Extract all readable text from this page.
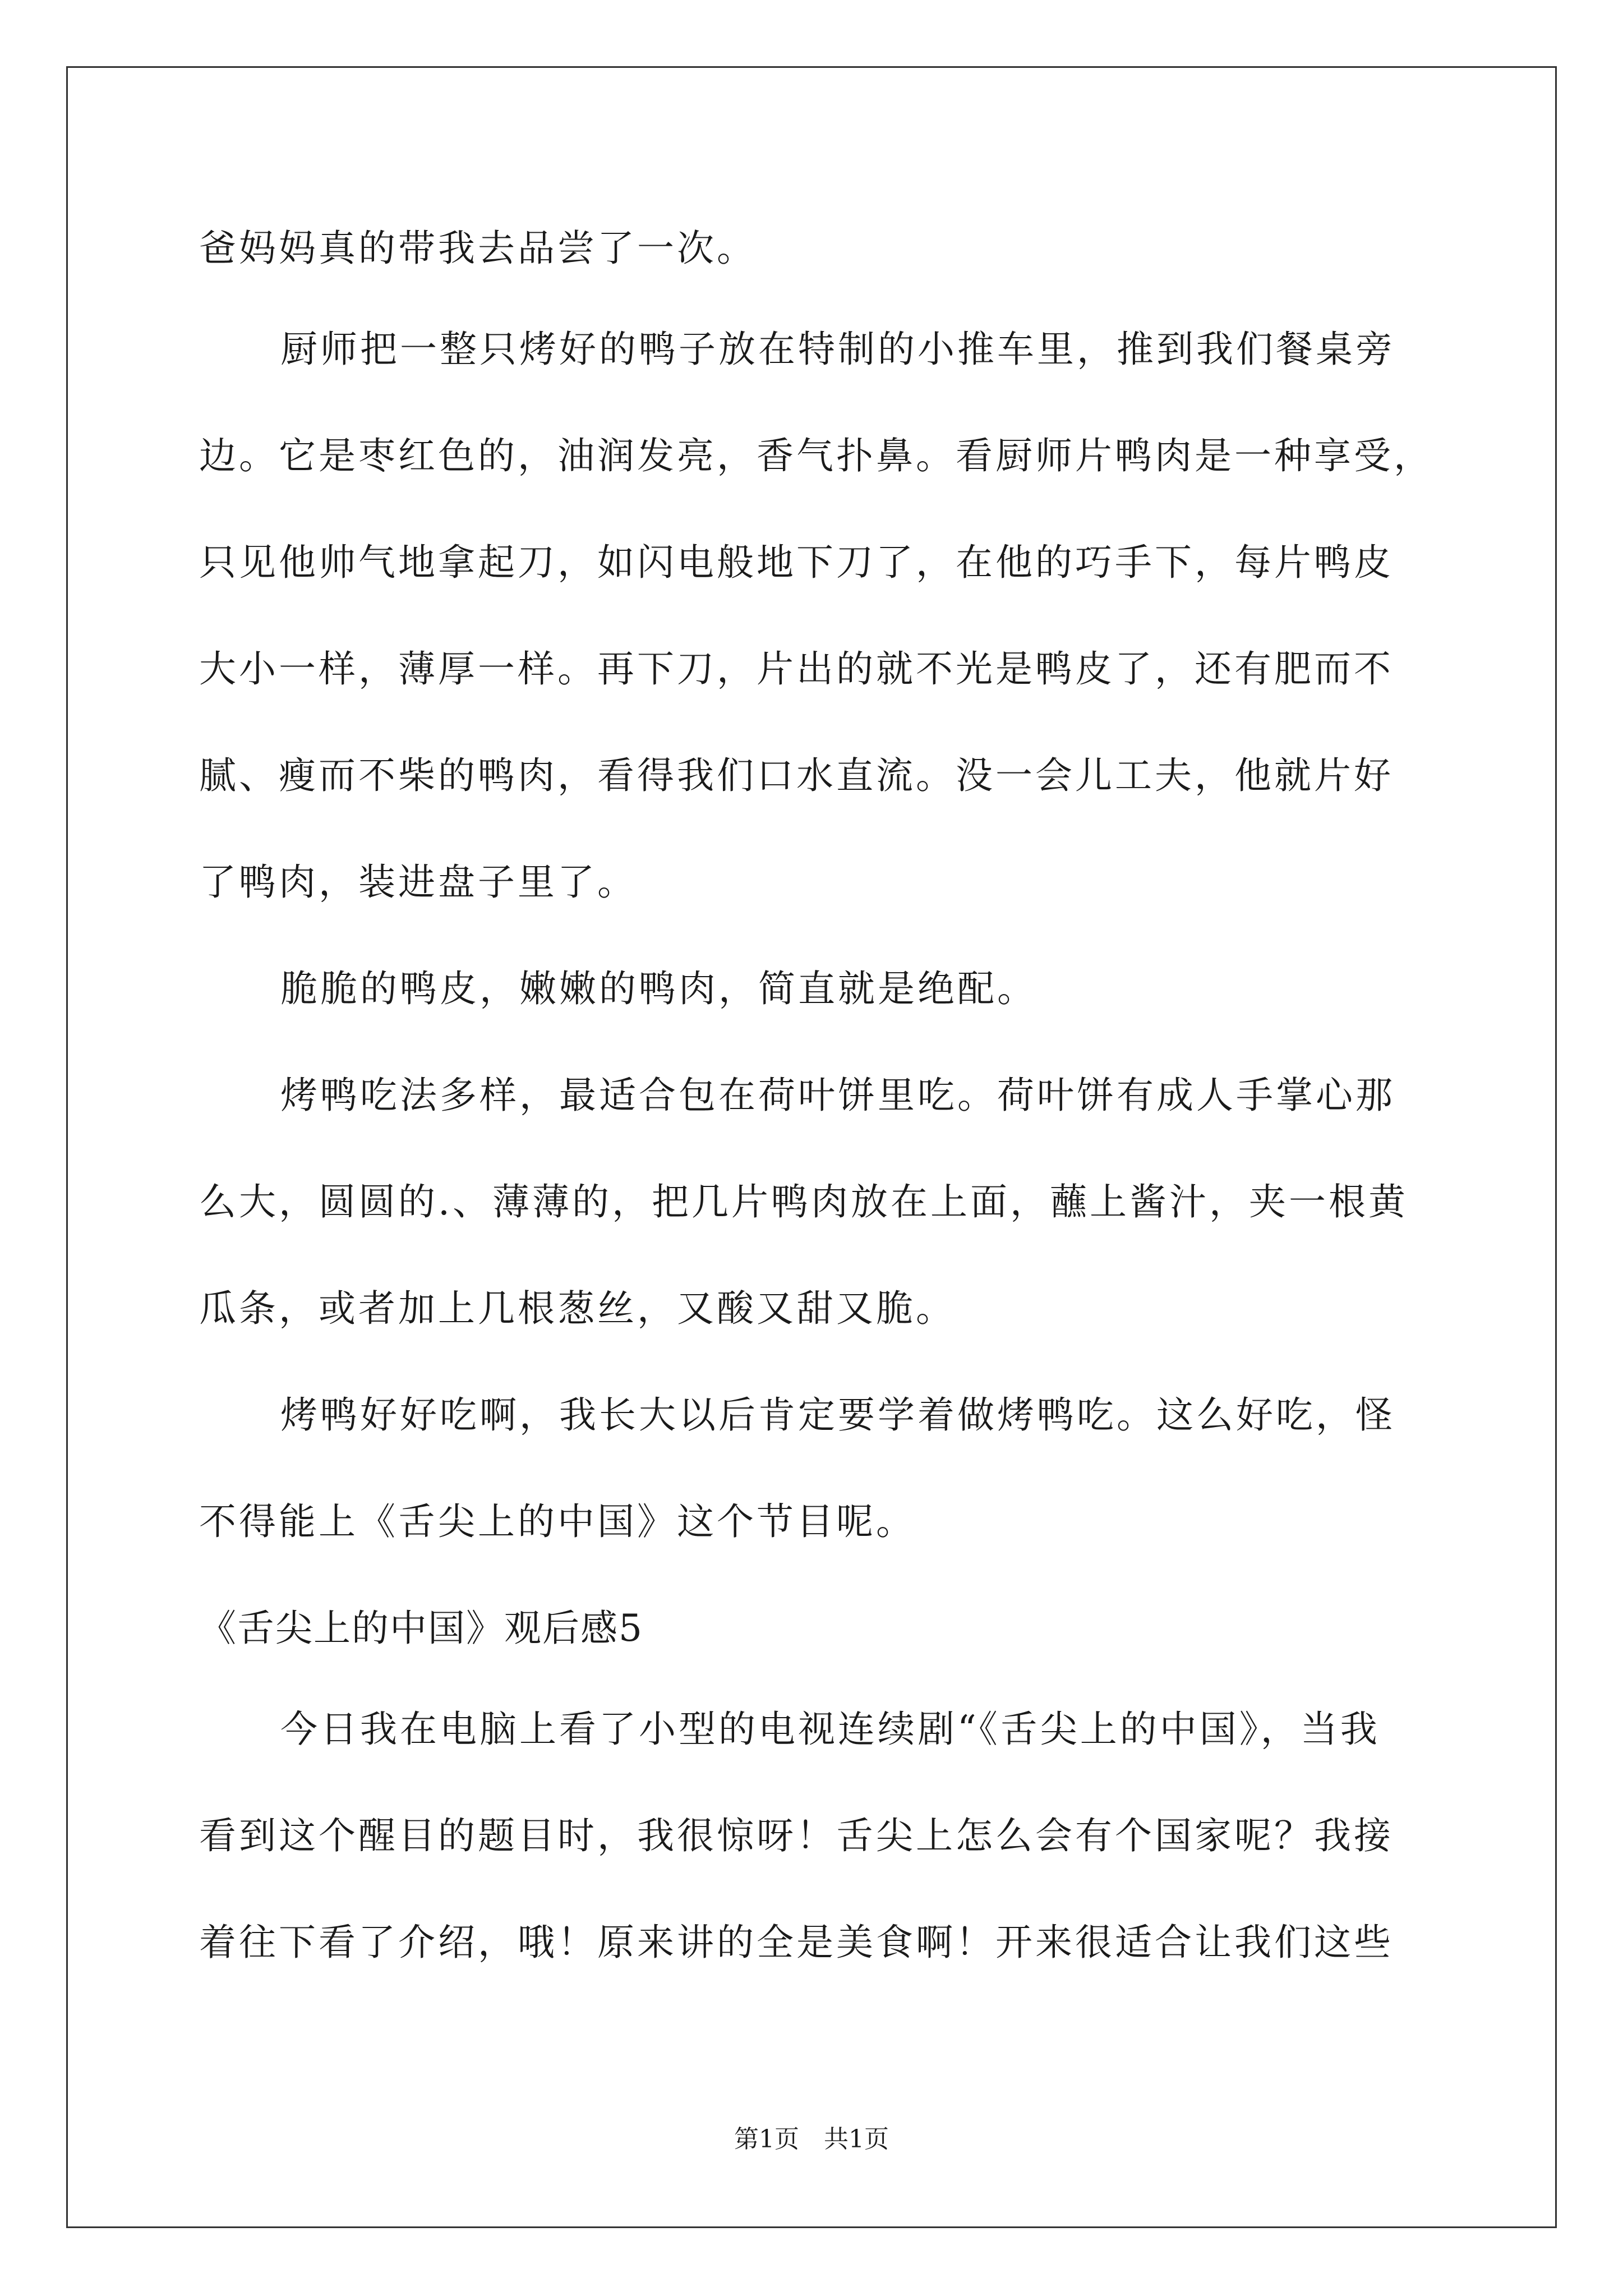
爸妈妈真的带我去品尝了一次。
厨师把一整只烤好的鸭子放在特制的小推车里，推到我们餐桌旁
边。它是枣红色的，油润发亮，香气扑鼻。看厨师片鸭肉是一种享受，
只见他帅气地拿起刀，如闪电般地下刀了，在他的巧手下，每片鸭皮
大小一样，薄厚一样。再下刀，片出的就不光是鸭皮了，还有肥而不
腻、瘦而不柴的鸭肉，看得我们口水直流。没一会儿工夫，他就片好
了鸭肉，装进盘子里了。
脆脆的鸭皮，嫩嫩的鸭肉，简直就是绝配。
烤鸭吃法多样，最适合包在荷叶饼里吃。荷叶饼有成人手掌心那
么大，圆圆的.、薄薄的，把几片鸭肉放在上面，蘸上酱汁，夹一根黄
瓜条，或者加上几根葱丝，又酸又甜又脆。
烤鸭好好吃啊，我长大以后肯定要学着做烤鸭吃。这么好吃，怪
不得能上《舌尖上的中国》这个节目呢。
《舌尖上的中国》观后感5
今日我在电脑上看了小型的电视连续剧“《舌尖上的中国》，当我
看到这个醒目的题目时，我很惊呀！舌尖上怎么会有个国家呢？我接
着往下看了介绍，哦！原来讲的全是美食啊！开来很适合让我们这些
第1页　共1页
